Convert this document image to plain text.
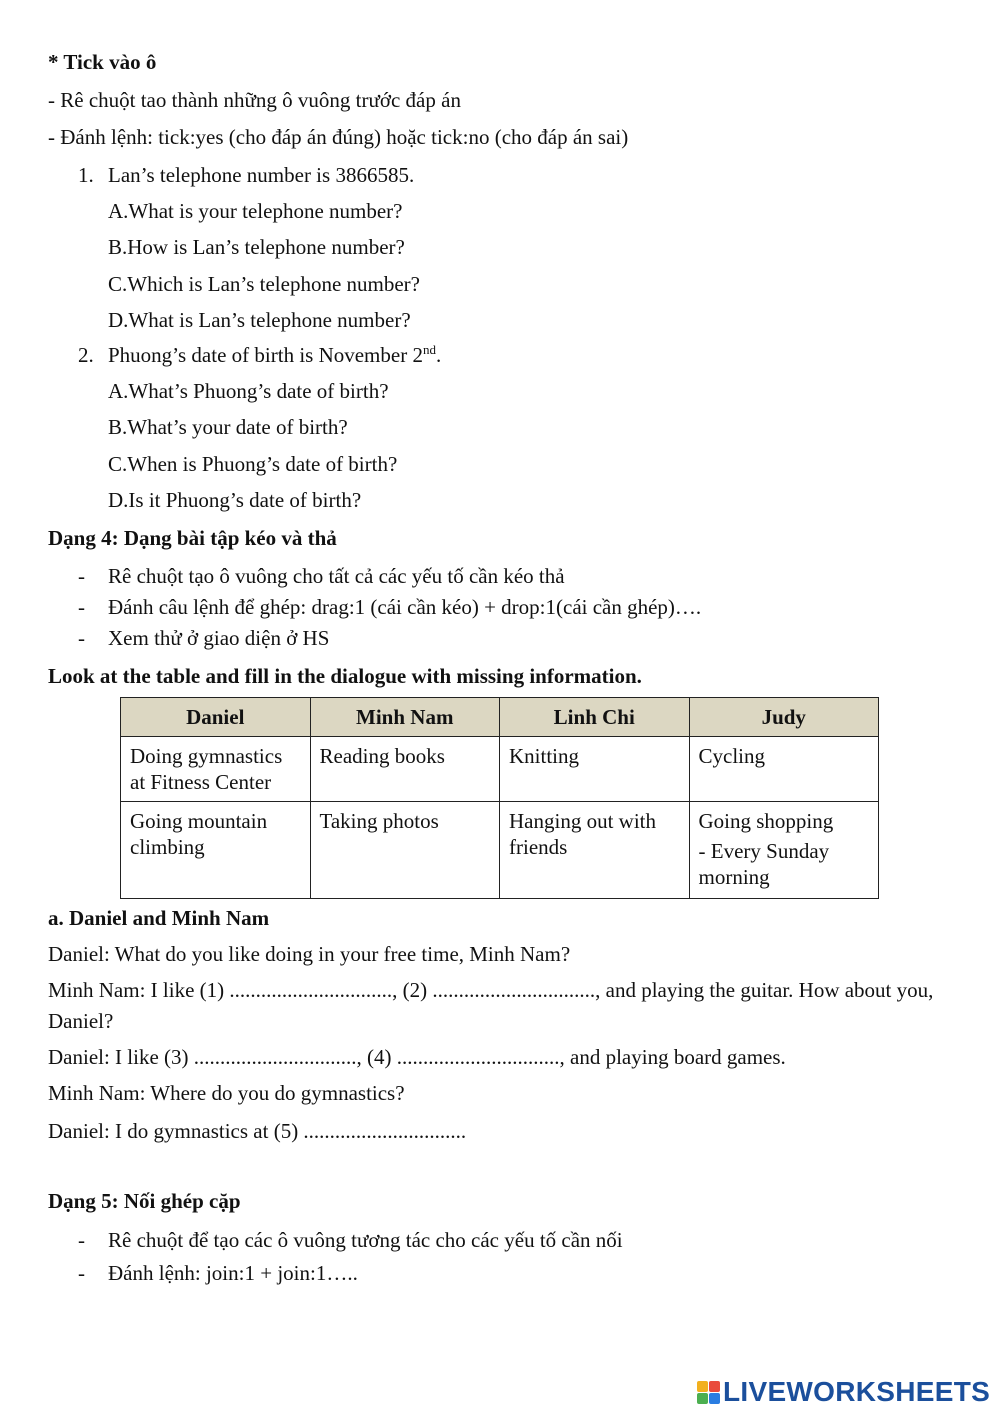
* Tick vào ô
- Rê chuột tao thành những ô vuông trước đáp án
- Đánh lệnh: tick:yes (cho đáp án đúng) hoặc tick:no (cho đáp án sai)
1. Lan’s telephone number is 3866585.
A.What is your telephone number?
B.How is Lan’s telephone number?
C.Which is Lan’s telephone number?
D.What is Lan’s telephone number?
2. Phuong’s date of birth is November 2nd.
A.What’s Phuong’s date of birth?
B.What’s your date of birth?
C.When is Phuong’s date of birth?
D.Is it Phuong’s date of birth?
Dạng 4: Dạng bài tập kéo và thả
- Rê chuột tạo ô vuông cho tất cả các yếu tố cần kéo thả
- Đánh câu lệnh để ghép: drag:1 (cái cần kéo) + drop:1(cái cần ghép)….
- Xem thử ở giao diện ở HS
Look at the table and fill in the dialogue with missing information.
Daniel	Minh Nam	Linh Chi	Judy
Doing gymnastics at Fitness Center	Reading books	Knitting	Cycling
Going mountain climbing	Taking photos	Hanging out with friends	Going shopping
- Every Sunday morning
a. Daniel and Minh Nam
Daniel: What do you like doing in your free time, Minh Nam?
Minh Nam: I like (1) ..............................., (2) ..............................., and playing the guitar. How about you, Daniel?
Daniel: I like (3) ..............................., (4) ..............................., and playing board games.
Minh Nam: Where do you do gymnastics?
Daniel: I do gymnastics at (5) ...............................
Dạng 5: Nối ghép cặp
- Rê chuột để tạo các ô vuông tương tác cho các yếu tố cần nối
- Đánh lệnh: join:1 + join:1…..
LIVEWORKSHEETS
